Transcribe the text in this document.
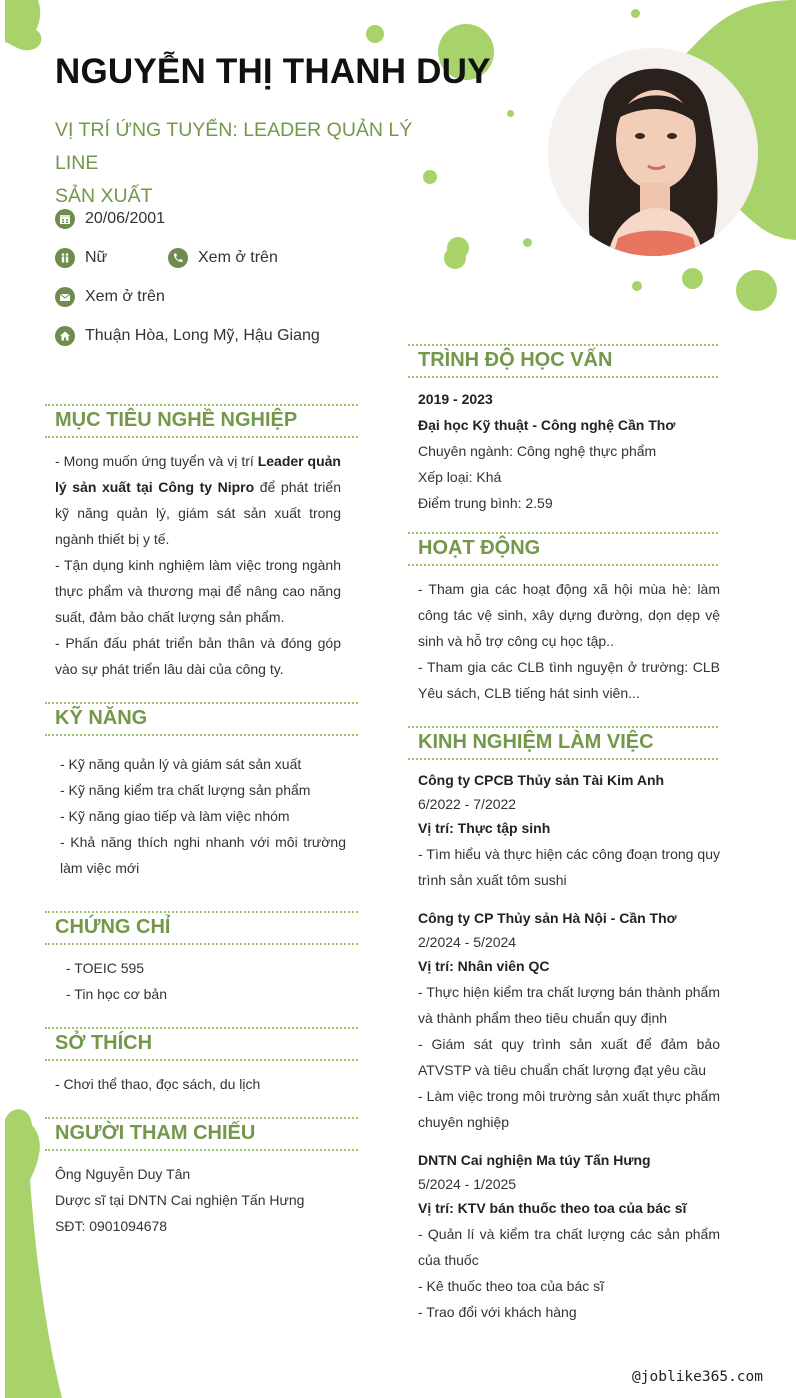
NGUYỄN THỊ THANH DUY
VỊ TRÍ ỨNG TUYỂN: LEADER QUẢN LÝ LINE
SẢN XUẤT
20/06/2001
Nữ	Xem ở trên
Xem ở trên
Thuận Hòa, Long Mỹ, Hậu Giang
MỤC TIÊU NGHỀ NGHIỆP
- Mong muốn ứng tuyển và vị trí Leader quản lý sản xuất tại Công ty Nipro để phát triển kỹ năng quản lý, giám sát sản xuất trong ngành thiết bị y tế.
- Tận dụng kinh nghiệm làm việc trong ngành thực phẩm và thương mại để nâng cao năng suất, đảm bảo chất lượng sản phẩm.
- Phấn đấu phát triển bản thân và đóng góp vào sự phát triển lâu dài của công ty.
KỸ NĂNG
- Kỹ năng quản lý và giám sát sản xuất
- Kỹ năng kiểm tra chất lượng sản phẩm
- Kỹ năng giao tiếp và làm việc nhóm
- Khả năng thích nghi nhanh với môi trường làm việc mới
CHỨNG CHỈ
- TOEIC 595
- Tin học cơ bản
SỞ THÍCH
- Chơi thể thao, đọc sách, du lịch
NGƯỜI THAM CHIẾU
Ông Nguyễn Duy Tân
Dược sĩ tại DNTN Cai nghiện Tấn Hưng
SĐT: 0901094678
TRÌNH ĐỘ HỌC VẤN
2019 - 2023
Đại học Kỹ thuật - Công nghệ Cần Thơ
Chuyên ngành: Công nghệ thực phẩm
Xếp loại: Khá
Điểm trung bình: 2.59
HOẠT ĐỘNG
- Tham gia các hoạt động xã hội mùa hè: làm công tác vệ sinh, xây dựng đường, dọn dẹp vệ sinh và hỗ trợ công cụ học tập..
- Tham gia các CLB tình nguyện ở trường: CLB Yêu sách, CLB tiếng hát sinh viên...
KINH NGHIỆM LÀM VIỆC
Công ty CPCB Thủy sản Tài Kim Anh
6/2022 - 7/2022
Vị trí: Thực tập sinh
- Tìm hiểu và thực hiện các công đoạn trong quy trình sản xuất tôm sushi
Công ty CP Thủy sản Hà Nội - Cần Thơ
2/2024 - 5/2024
Vị trí: Nhân viên QC
- Thực hiện kiểm tra chất lượng bán thành phẩm và thành phẩm theo tiêu chuẩn quy định
- Giám sát quy trình sản xuất để đảm bảo ATVSTP và tiêu chuẩn chất lượng đạt yêu cầu
- Làm việc trong môi trường sản xuất thực phẩm chuyên nghiệp
DNTN Cai nghiện Ma túy Tấn Hưng
5/2024 - 1/2025
Vị trí: KTV bán thuốc theo toa của bác sĩ
- Quản lí và kiểm tra chất lượng các sản phẩm của thuốc
- Kê thuốc theo toa của bác sĩ
- Trao đổi với khách hàng
@joblike365.com
